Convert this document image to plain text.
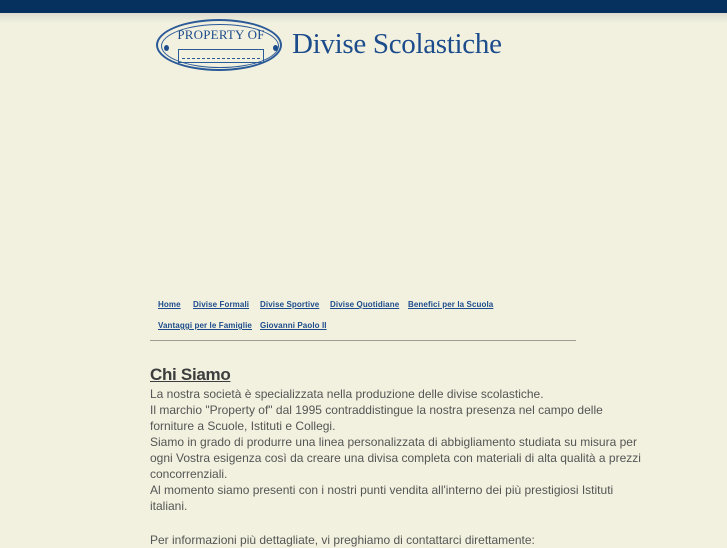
PROPERTY OF Divise Scolastiche
Home Divise Formali Divise Sportive Divise Quotidiane Benefici per la Scuola
Vantaggi per le Famiglie Giovanni Paolo II
Chi Siamo

La nostra società è specializzata nella produzione delle divise scolastiche.

Il marchio "Property of" dal 1995 contraddistingue la nostra presenza nel campo delle forniture a Scuole, Istituti e Collegi.

Siamo in grado di produrre una linea personalizzata di abbigliamento studiata su misura per ogni Vostra esigenza così da creare una divisa completa con materiali di alta qualità a prezzi concorrenziali.

Al momento siamo presenti con i nostri punti vendita all'interno dei più prestigiosi Istituti italiani.

Per informazioni più dettagliate, vi preghiamo di contattarci direttamente:
